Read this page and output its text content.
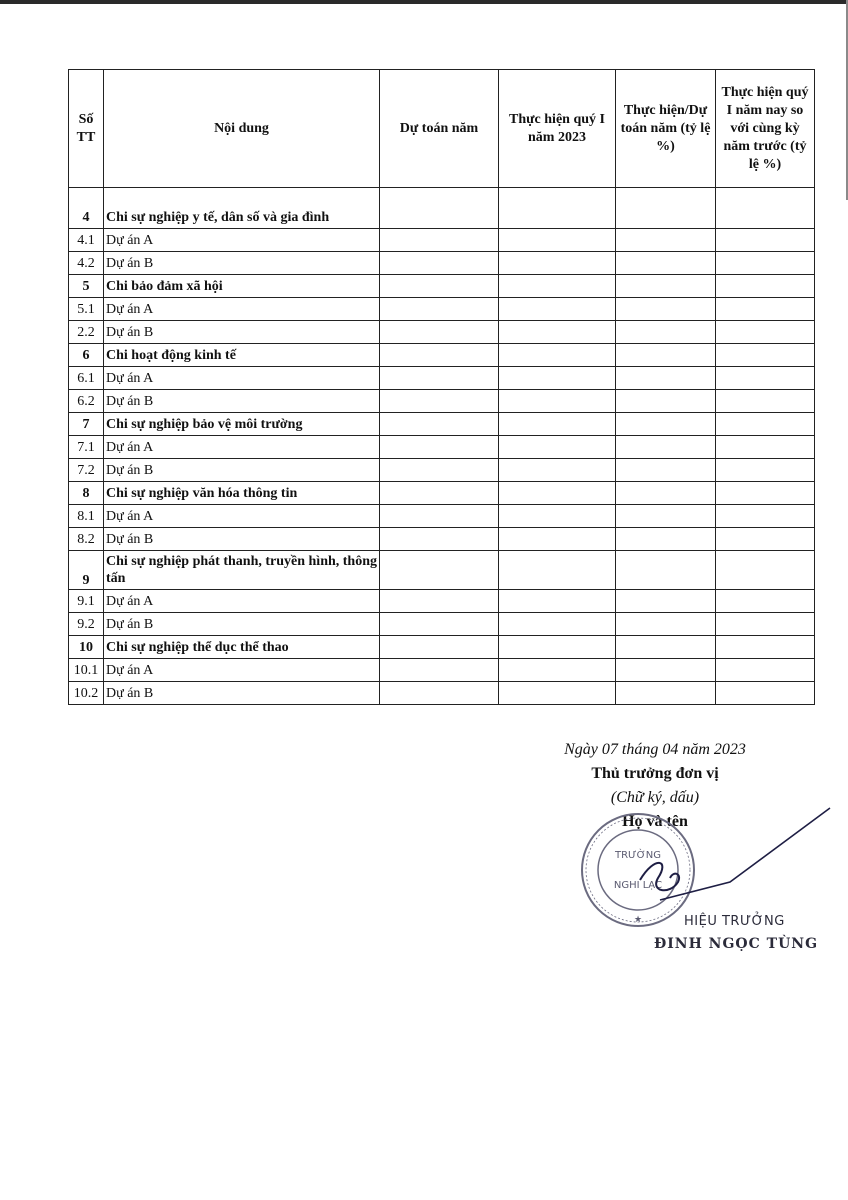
Số TT	Nội dung	Dự toán năm	Thực hiện quý I năm 2023	Thực hiện/Dự toán năm (tỷ lệ %)	Thực hiện quý I năm nay so với cùng kỳ năm trước (tỷ lệ %)
4	Chi sự nghiệp y tế, dân số và gia đình				
4.1	Dự án A				
4.2	Dự án B				
5	Chi bảo đảm xã hội				
5.1	Dự án A				
2.2	Dự án B				
6	Chi hoạt động kinh tế				
6.1	Dự án A				
6.2	Dự án B				
7	Chi sự nghiệp bảo vệ môi trường				
7.1	Dự án A				
7.2	Dự án B				
8	Chi sự nghiệp văn hóa thông tin				
8.1	Dự án A				
8.2	Dự án B				
9	Chi sự nghiệp phát thanh, truyền hình, thông tấn				
9.1	Dự án A				
9.2	Dự án B				
10	Chi sự nghiệp thể dục thể thao				
10.1	Dự án A				
10.2	Dự án B				
Ngày 07 tháng 04 năm 2023
Thủ trưởng đơn vị
(Chữ ký, dấu)
Họ và tên
TRƯỜNG
NGHI LẠC
★	HIỆU TRƯỞNG
ĐINH NGỌC TÙNG
